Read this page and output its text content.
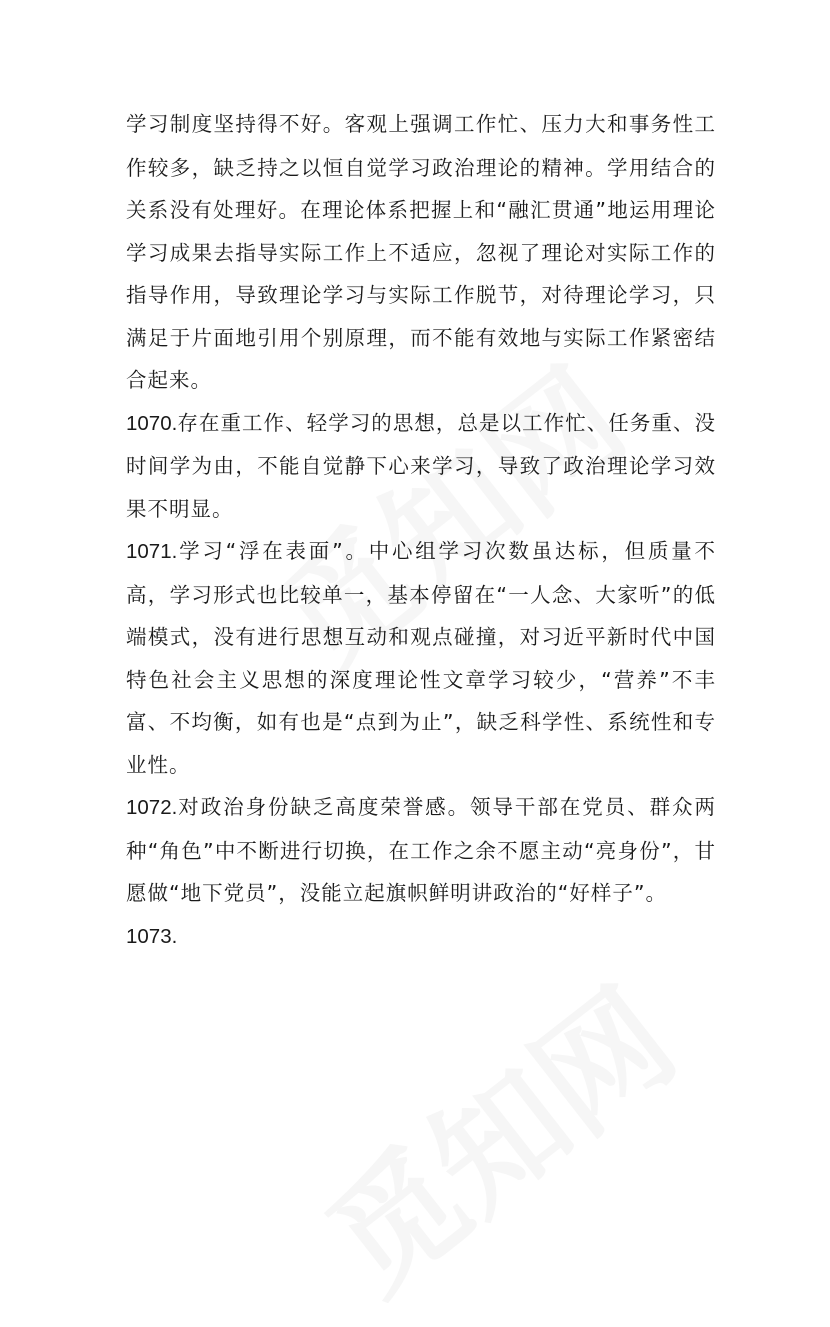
学习制度坚持得不好。客观上强调工作忙、压力大和事务性工作较多，缺乏持之以恒自觉学习政治理论的精神。学用结合的关系没有处理好。在理论体系把握上和“融汇贯通”地运用理论学习成果去指导实际工作上不适应，忽视了理论对实际工作的指导作用，导致理论学习与实际工作脱节，对待理论学习，只满足于片面地引用个别原理，而不能有效地与实际工作紧密结合起来。

1070.存在重工作、轻学习的思想，总是以工作忙、任务重、没时间学为由，不能自觉静下心来学习，导致了政治理论学习效果不明显。

1071.学习“浮在表面”。中心组学习次数虽达标，但质量不高，学习形式也比较单一，基本停留在“一人念、大家听”的低端模式，没有进行思想互动和观点碰撞，对习近平新时代中国特色社会主义思想的深度理论性文章学习较少，“营养”不丰富、不均衡，如有也是“点到为止”，缺乏科学性、系统性和专业性。

1072.对政治身份缺乏高度荣誉感。领导干部在党员、群众两种“角色”中不断进行切换，在工作之余不愿主动“亮身份”，甘愿做“地下党员”，没能立起旗帜鲜明讲政治的“好样子”。

1073.
